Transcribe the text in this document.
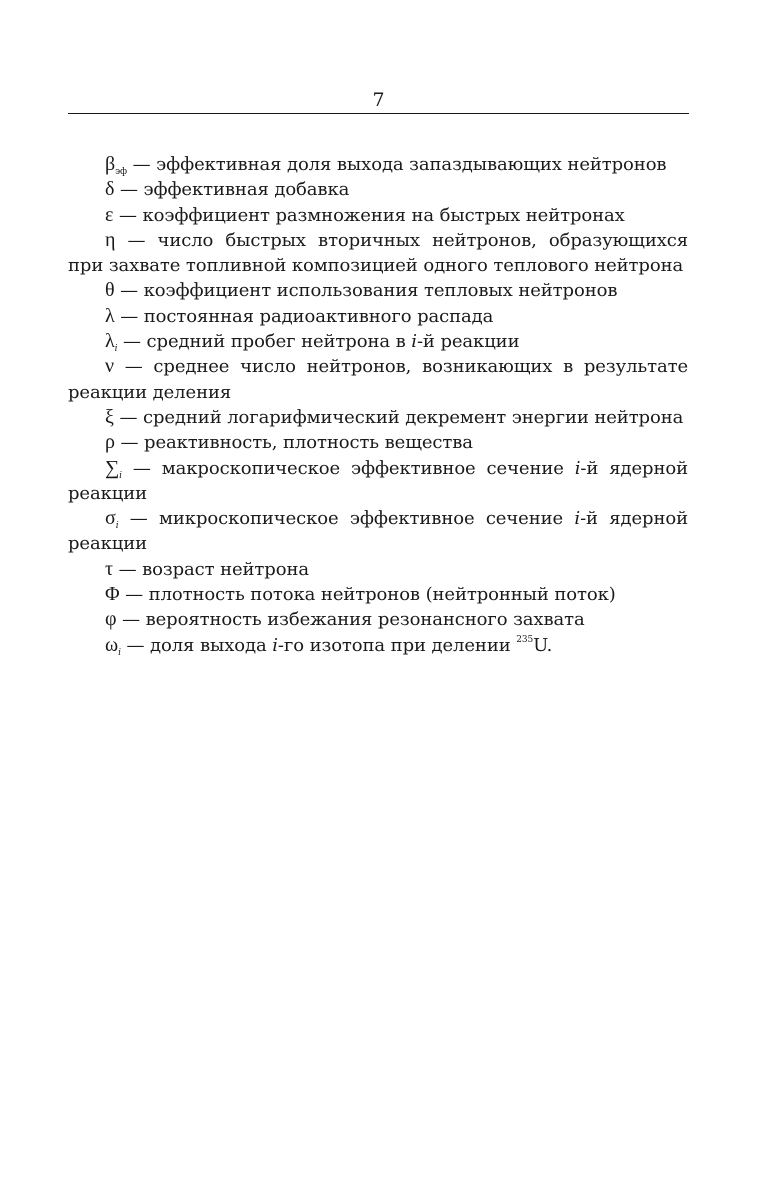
7

$\beta_{эф}$ — эффективная доля выхода запаздывающих нейтронов

δ — эффективная добавка

ε — коэффициент размножения на быстрых нейтронах

η — число быстрых вторичных нейтронов, образующихся при захвате топливной композицией одного теплового нейтрона

θ — коэффициент использования тепловых нейтронов

λ — постоянная радиоактивного распада

$\lambda_i$ — средний пробег нейтрона в i-й реакции

ν — среднее число нейтронов, возникающих в результате реакции деления

ξ — средний логарифмический декремент энергии нейтрона

ρ — реактивность, плотность вещества

$\sum_i$ — макроскопическое эффективное сечение i-й ядерной реакции

$\sigma_i$ — микроскопическое эффективное сечение i-й ядерной реакции

τ — возраст нейтрона

Φ — плотность потока нейтронов (нейтронный поток)

φ — вероятность избежания резонансного захвата

$\omega_i$ — доля выхода i-го изотопа при делении $^{235}$U.
